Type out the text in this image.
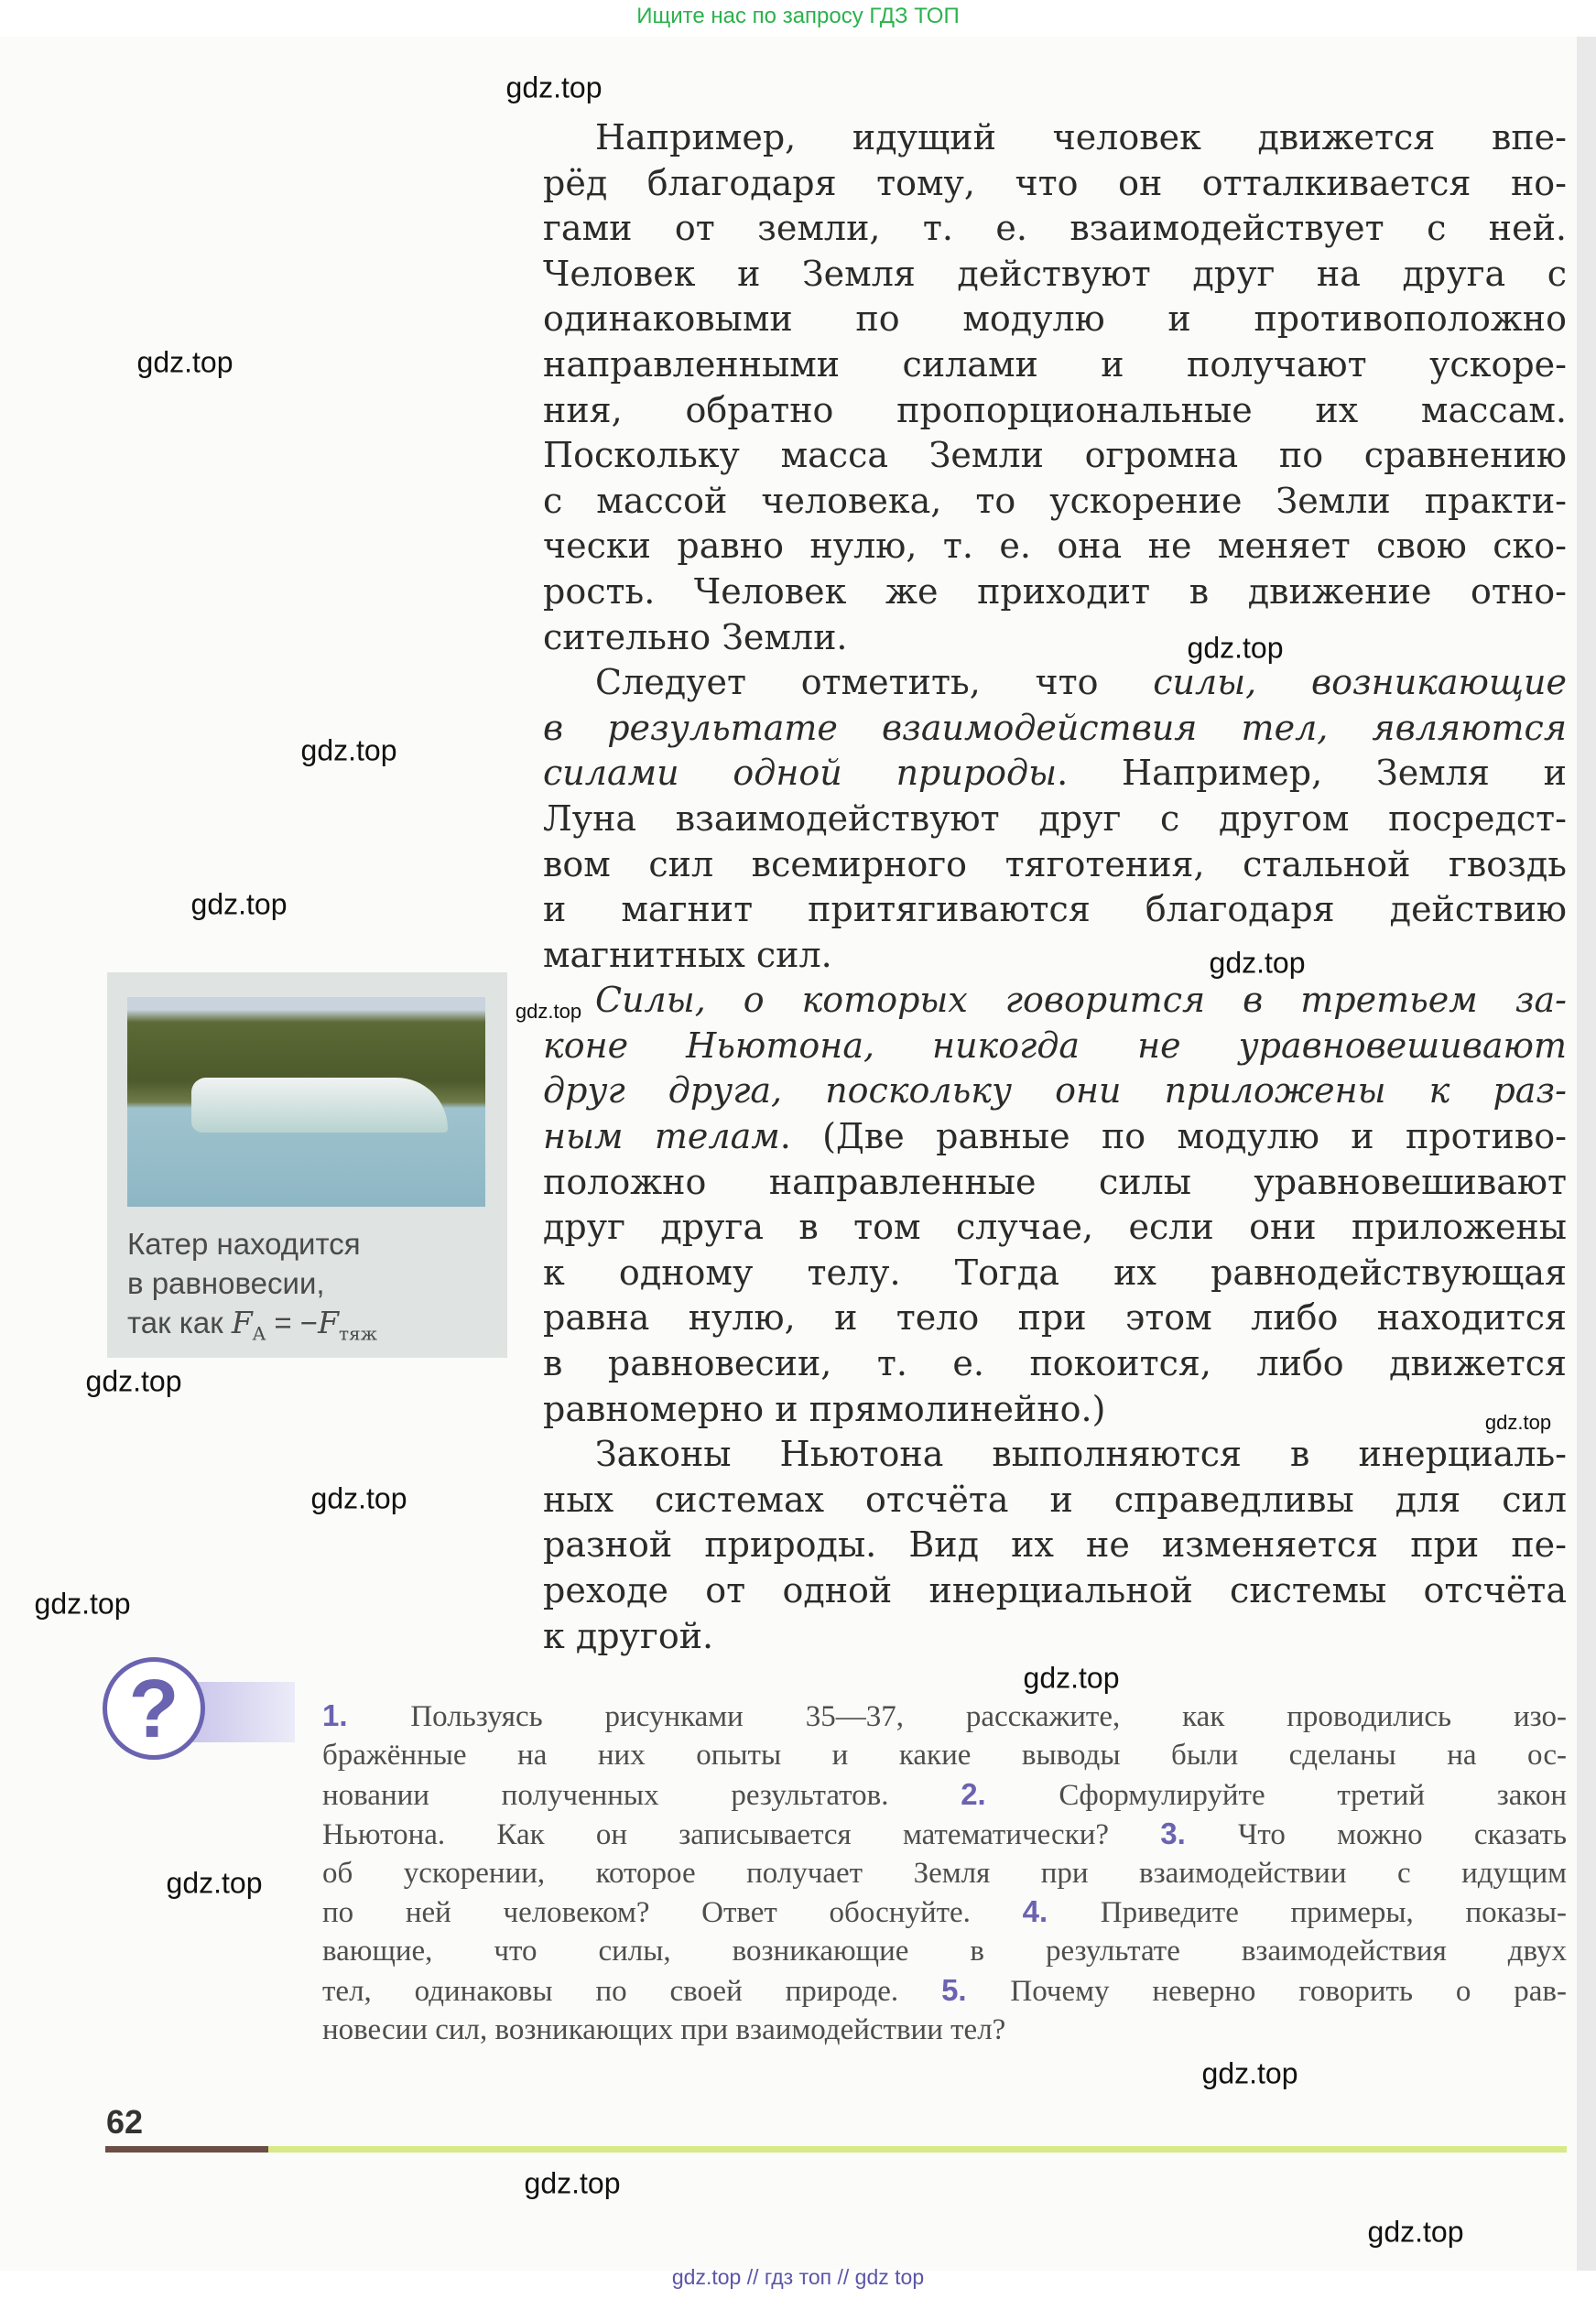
Ищите нас по запросу ГДЗ ТОП
Например, идущий человек движется впе-
рёд благодаря тому, что он отталкивается но-
гами от земли, т. е. взаимодействует с ней.
Человек и Земля действуют друг на друга с
одинаковыми по модулю и противоположно
направленными силами и получают ускоре-
ния, обратно пропорциональные их массам.
Поскольку масса Земли огромна по сравнению
с массой человека, то ускорение Земли практи-
чески равно нулю, т. е. она не меняет свою ско-
рость. Человек же приходит в движение отно-
сительно Земли.
Следует отметить, что силы, возникающие
в результате взаимодействия тел, являются
силами одной природы. Например, Земля и
Луна взаимодействуют друг с другом посредст-
вом сил всемирного тяготения, стальной гвоздь
и магнит притягиваются благодаря действию
магнитных сил.
Силы, о которых говорится в третьем за-
коне Ньютона, никогда не уравновешивают
друг друга, поскольку они приложены к раз-
ным телам. (Две равные по модулю и противо-
положно направленные силы уравновешивают
друг друга в том случае, если они приложены
к одному телу. Тогда их равнодействующая
равна нулю, и тело при этом либо находится
в равновесии, т. е. покоится, либо движется
равномерно и прямолинейно.)
Законы Ньютона выполняются в инерциаль-
ных системах отсчёта и справедливы для сил
разной природы. Вид их не изменяется при пе-
реходе от одной инерциальной системы отсчёта
к другой.
Катер находится
в равновесии,
так как $F_A = -F_{тяж}$
?	1. Пользуясь рисунками 35—37, расскажите, как проводились изо-
бражённые на них опыты и какие выводы были сделаны на ос-
новании полученных результатов. 2. Сформулируйте третий закон
Ньютона. Как он записывается математически? 3. Что можно сказать
об ускорении, которое получает Земля при взаимодействии с идущим
по ней человеком? Ответ обоснуйте. 4. Приведите примеры, показы-
вающие, что силы, возникающие в результате взаимодействия двух
тел, одинаковы по своей природе. 5. Почему неверно говорить о рав-
новесии сил, возникающих при взаимодействии тел?
62
gdz.top // гдз топ // gdz top
gdz.top
gdz.top
gdz.top
gdz.top
gdz.top
gdz.top
gdz.top
gdz.top
gdz.top
gdz.top
gdz.top
gdz.top
gdz.top
gdz.top
gdz.top
gdz.top
